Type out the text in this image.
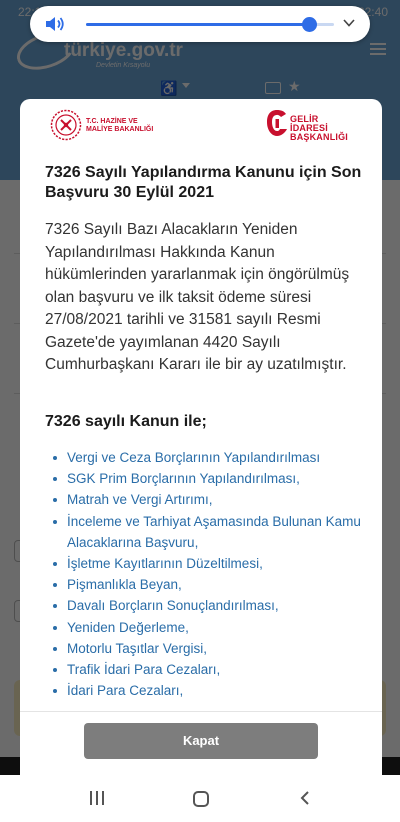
T.C. HAZİNE VE
MALİYE BAKANLIĞI
GELİR İDARESİ
BAŞKANLIĞI
7326 Sayılı Yapılandırma Kanunu için Son Başvuru 30 Eylül 2021
7326 Sayılı Bazı Alacakların Yeniden Yapılandırılması Hakkında Kanun hükümlerinden yararlanmak için öngörülmüş olan başvuru ve ilk taksit ödeme süresi 27/08/2021 tarihli ve 31581 sayılı Resmi Gazete'de yayımlanan 4420 Sayılı Cumhurbaşkanı Kararı ile bir ay uzatılmıştır.
7326 sayılı Kanun ile;
Vergi ve Ceza Borçlarının Yapılandırılması
SGK Prim Borçlarının Yapılandırılması,
Matrah ve Vergi Artırımı,
İnceleme ve Tarhiyat Aşamasında Bulunan Kamu Alacaklarına Başvuru,
İşletme Kayıtlarının Düzeltilmesi,
Pişmanlıkla Beyan,
Davalı Borçların Sonuçlandırılması,
Yeniden Değerleme,
Motorlu Taşıtlar Vergisi,
Trafik İdari Para Cezaları,
İdari Para Cezaları,
Kapat
